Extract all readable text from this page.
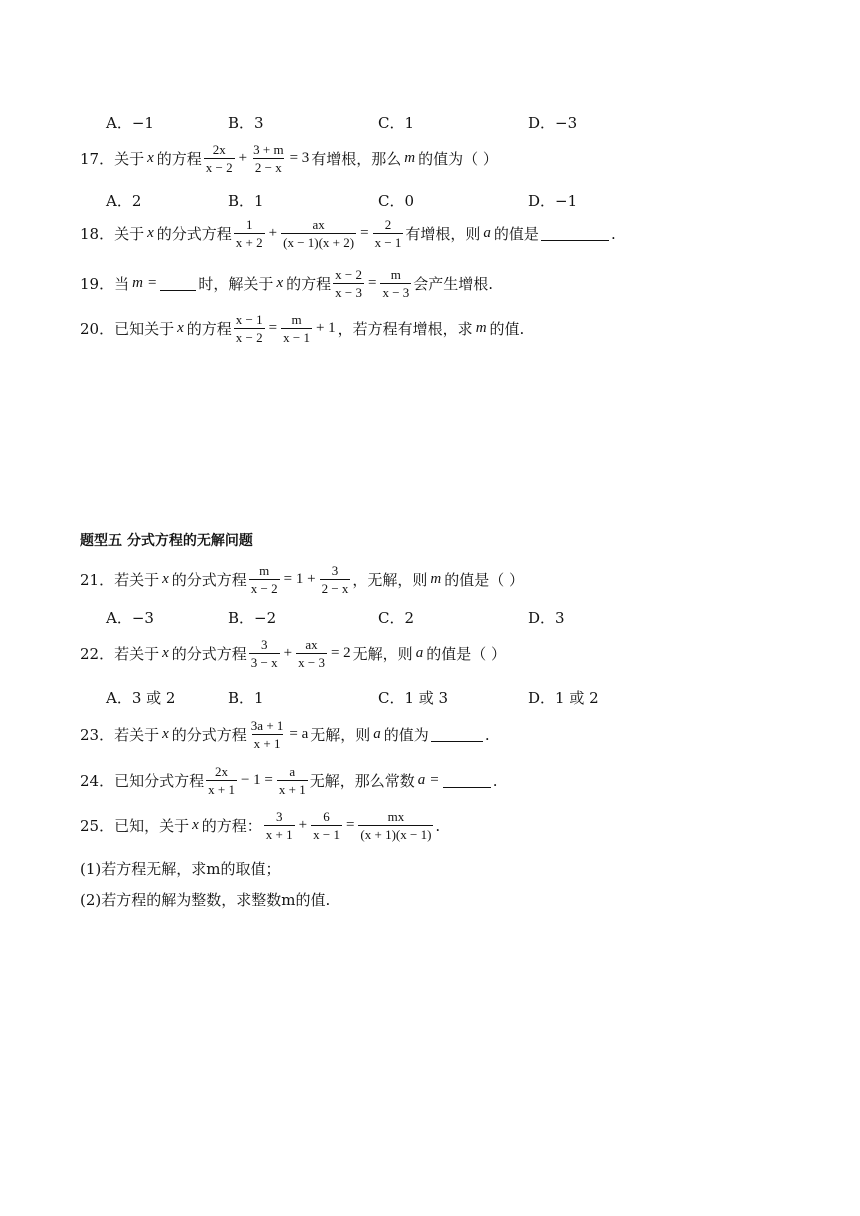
A．−1	B．3	C．1	D．−3
17． 关于 x 的方程 $\frac{2x}{x - 2} + \frac{3 + m}{2 - x} = 3$ 有增根，那么 m 的值为（ ）
A．2	B．1	C．0	D．−1
18． 关于 x 的分式方程 $\frac{1}{x + 2} + \frac{ax}{(x - 1)(x + 2)} = \frac{2}{x - 1}$ 有增根，则 a 的值是	.
19． 当 m =	时，解关于 x 的方程 $\frac{x - 2}{x - 3} = \frac{m}{x - 3}$ 会产生增根.
20． 已知关于 x 的方程 $\frac{x - 1}{x - 2} = \frac{m}{x - 1} + 1$ ，若方程有增根，求 m 的值.
题型五 分式方程的无解问题
21． 若关于 x 的分式方程 $\frac{m}{x - 2} = 1 + \frac{3}{2 - x}$ ，无解，则 m 的值是（ ）
A．−3	B．−2	C．2	D．3
22． 若关于 x 的分式方程 $\frac{3}{3 - x} + \frac{ax}{x - 3} = 2$ 无解，则 a 的值是（ ）
A．3 或 2	B．1	C．1 或 3	D．1 或 2
23． 若关于 x 的分式方程 $\frac{3a + 1}{x + 1} = a$ 无解，则 a 的值为	.
24． 已知分式方程 $\frac{2x}{x + 1} - 1 = \frac{a}{x + 1}$ 无解，那么常数 a =	.
25． 已知，关于 x 的方程： $\frac{3}{x + 1} + \frac{6}{x - 1} = \frac{mx}{(x + 1)(x - 1)}$ .
(1)若方程无解，求m的取值；
(2)若方程的解为整数，求整数m的值.
